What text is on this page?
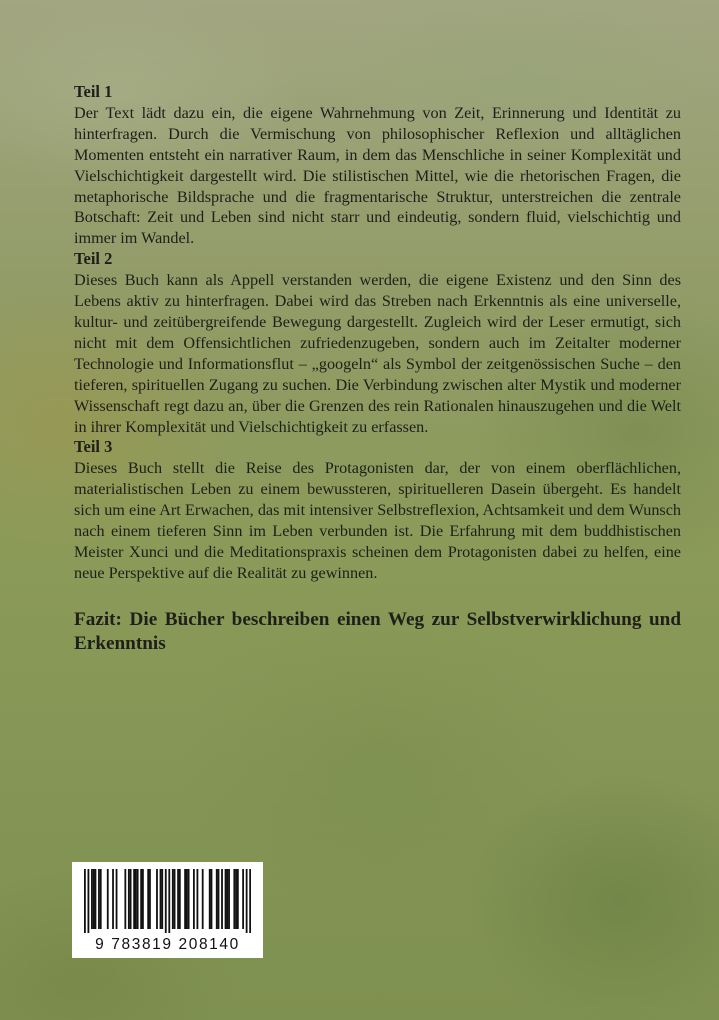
Teil 1

Der Text lädt dazu ein, die eigene Wahrnehmung von Zeit, Erinnerung und Identität zu hinterfragen. Durch die Vermischung von philosophischer Reflexion und alltäglichen Momenten entsteht ein narrativer Raum, in dem das Menschliche in seiner Komplexität und Vielschichtigkeit dargestellt wird. Die stilistischen Mittel, wie die rhetorischen Fragen, die metaphorische Bildsprache und die fragmentarische Struktur, unterstreichen die zentrale Botschaft: Zeit und Leben sind nicht starr und eindeutig, sondern fluid, vielschichtig und immer im Wandel.

Teil 2

Dieses Buch kann als Appell verstanden werden, die eigene Existenz und den Sinn des Lebens aktiv zu hinterfragen. Dabei wird das Streben nach Erkenntnis als eine universelle, kultur- und zeitübergreifende Bewegung dargestellt. Zugleich wird der Leser ermutigt, sich nicht mit dem Offensichtlichen zufriedenzugeben, sondern auch im Zeitalter moderner Technologie und Informationsflut – „googeln“ als Symbol der zeitgenössischen Suche – den tieferen, spirituellen Zugang zu suchen. Die Verbindung zwischen alter Mystik und moderner Wissenschaft regt dazu an, über die Grenzen des rein Rationalen hinauszugehen und die Welt in ihrer Komplexität und Vielschichtigkeit zu erfassen.

Teil 3

Dieses Buch stellt die Reise des Protagonisten dar, der von einem oberflächlichen, materialistischen Leben zu einem bewussteren, spirituelleren Dasein übergeht. Es handelt sich um eine Art Erwachen, das mit intensiver Selbstreflexion, Achtsamkeit und dem Wunsch nach einem tieferen Sinn im Leben verbunden ist. Die Erfahrung mit dem buddhistischen Meister Xunci und die Meditationspraxis scheinen dem Protagonisten dabei zu helfen, eine neue Perspektive auf die Realität zu gewinnen.

Fazit: Die Bücher beschreiben einen Weg zur Selbstverwirklichung und Erkenntnis

9 783819 208140
